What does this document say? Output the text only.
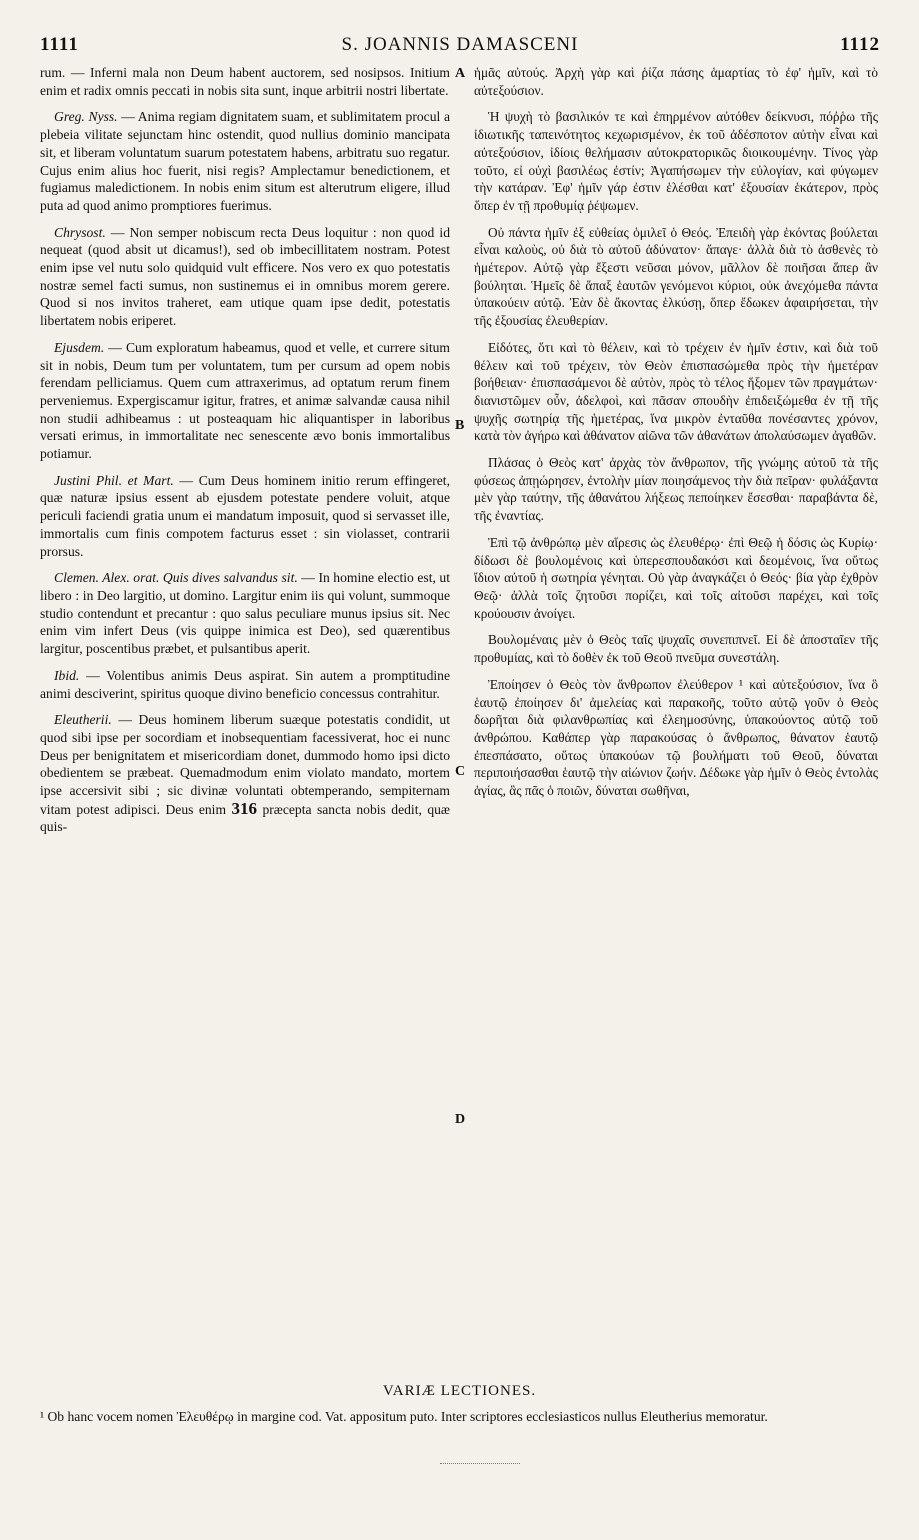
1111	S. JOANNIS DAMASCENI	1112

rum. — Inferni mala non Deum habent auctorem, sed nosipsos. Initium enim et radix omnis peccati in nobis sita sunt, inque arbitrii nostri libertate.

Greg. Nyss. — Anima regiam dignitatem suam, et sublimitatem procul a plebeia vilitate sejunctam hinc ostendit, quod nullius dominio mancipata sit, et liberam voluntatum suarum potestatem habens, arbitratu suo regatur. Cujus enim alius hoc fuerit, nisi regis? Amplectamur benedictionem, et fugiamus maledictionem. In nobis enim situm est alterutrum eligere, illud puta ad quod animo promptiores fuerimus.

Chrysost. — Non semper nobiscum recta Deus loquitur : non quod id nequeat (quod absit ut dicamus!), sed ob imbecillitatem nostram. Potest enim ipse vel nutu solo quidquid vult efficere. Nos vero ex quo potestatis nostræ semel facti sumus, non sustinemus ei in omnibus morem gerere. Quod si nos invitos traheret, eam utique quam ipse dedit, potestatis libertatem nobis eriperet.

Ejusdem. — Cum exploratum habeamus, quod et velle, et currere situm sit in nobis, Deum tum per voluntatem, tum per cursum ad opem nobis ferendam pelliciamus. Quem cum attraxerimus, ad optatum rerum finem perveniemus. Expergiscamur igitur, fratres, et animæ salvandæ causa nihil non studii adhibeamus : ut posteaquam hic aliquantisper in laboribus versati erimus, in immortalitate nec senescente ævo bonis immortalibus potiamur.

Justini Phil. et Mart. — Cum Deus hominem initio rerum effingeret, quæ naturæ ipsius essent ab ejusdem potestate pendere voluit, atque periculi faciendi gratia unum ei mandatum imposuit, quod si servasset ille, immortalis cum finis compotem facturus esset : sin violasset, contrarii prorsus.

Clemen. Alex. orat. Quis dives salvandus sit. — In homine electio est, ut libero : in Deo largitio, ut domino. Largitur enim iis qui volunt, summoque studio contendunt et precantur : quo salus peculiare munus ipsius sit. Nec enim vim infert Deus (vis quippe inimica est Deo), sed quærentibus largitur, poscentibus præbet, et pulsantibus aperit.

Ibid. — Volentibus animis Deus aspirat. Sin autem a promptitudine animi desciverint, spiritus quoque divino beneficio concessus contrahitur.

Eleutherii. — Deus hominem liberum suæque potestatis condidit, ut quod sibi ipse per socordiam et inobsequentiam facessiverat, hoc ei nunc Deus per benignitatem et misericordiam donet, dummodo homo ipsi dicto obedientem se præbeat. Quemadmodum enim violato mandato, mortem ipse accersivit sibi ; sic divinæ voluntati obtemperando, sempiternam vitam potest adipisci. Deus enim 316 præcepta sancta nobis dedit, quæ quis-

A
B
C
D

ἡμᾶς αὐτούς. Ἀρχὴ γὰρ καὶ ῥίζα πάσης ἁμαρτίας τὸ ἐφ' ἡμῖν, καὶ τὸ αὐτεξούσιον.

Ἡ ψυχὴ τὸ βασιλικόν τε καὶ ἐπηρμένον αὐτόθεν δείκνυσι, πόῤῥω τῆς ἰδιωτικῆς ταπεινότητος κεχωρισμένον, ἐκ τοῦ ἀδέσποτον αὐτὴν εἶναι καὶ αὐτεξούσιον, ἰδίοις θελήμασιν αὐτοκρατορικῶς διοικουμένην. Τίνος γὰρ τοῦτο, εἰ οὐχὶ βασιλέως ἐστίν; Ἀγαπήσωμεν τὴν εὐλογίαν, καὶ φύγωμεν τὴν κατάραν. Ἐφ' ἡμῖν γάρ ἐστιν ἑλέσθαι κατ' ἐξουσίαν ἑκάτερον, πρὸς ὅπερ ἐν τῇ προθυμίᾳ ῥέψωμεν.

Οὐ πάντα ἡμῖν ἐξ εὐθείας ὁμιλεῖ ὁ Θεός. Ἐπειδὴ γὰρ ἑκόντας βούλεται εἶναι καλοὺς, οὐ διὰ τὸ αὐτοῦ ἀδύνατον· ἄπαγε· ἀλλὰ διὰ τὸ ἀσθενὲς τὸ ἡμέτερον. Αὐτῷ γὰρ ἔξεστι νεῦσαι μόνον, μᾶλλον δὲ ποιῆσαι ἅπερ ἂν βούληται. Ἡμεῖς δὲ ἅπαξ ἑαυτῶν γενόμενοι κύριοι, οὐκ ἀνεχόμεθα πάντα ὑπακούειν αὐτῷ. Ἐὰν δὲ ἄκοντας ἑλκύσῃ, ὅπερ ἔδωκεν ἀφαιρήσεται, τὴν τῆς ἐξουσίας ἐλευθερίαν.

Εἰδότες, ὅτι καὶ τὸ θέλειν, καὶ τὸ τρέχειν ἐν ἡμῖν ἐστιν, καὶ διὰ τοῦ θέλειν καὶ τοῦ τρέχειν, τὸν Θεὸν ἐπισπασώμεθα πρὸς τὴν ἡμετέραν βοήθειαν· ἐπισπασάμενοι δὲ αὐτὸν, πρὸς τὸ τέλος ἥξομεν τῶν πραγμάτων· διανιστῶμεν οὖν, ἀδελφοὶ, καὶ πᾶσαν σπουδὴν ἐπιδειξώμεθα ἐν τῇ τῆς ψυχῆς σωτηρίᾳ τῆς ἡμετέρας, ἵνα μικρὸν ἐνταῦθα πονέσαντες χρόνον, κατὰ τὸν ἀγήρω καὶ ἀθάνατον αἰῶνα τῶν ἀθανάτων ἀπολαύσωμεν ἀγαθῶν.

Πλάσας ὁ Θεὸς κατ' ἀρχὰς τὸν ἄνθρωπον, τῆς γνώμης αὐτοῦ τὰ τῆς φύσεως ἀπῃώρησεν, ἐντολὴν μίαν ποιησάμενος τὴν διὰ πεῖραν· φυλάξαντα μὲν γὰρ ταύτην, τῆς ἀθανάτου λήξεως πεποίηκεν ἔσεσθαι· παραβάντα δὲ, τῆς ἐναντίας.

Ἐπὶ τῷ ἀνθρώπῳ μὲν αἵρεσις ὡς ἐλευθέρῳ· ἐπὶ Θεῷ ἡ δόσις ὡς Κυρίῳ· δίδωσι δὲ βουλομένοις καὶ ὑπερεσπουδακόσι καὶ δεομένοις, ἵνα οὕτως ἴδιον αὐτοῦ ἡ σωτηρία γένηται. Οὐ γὰρ ἀναγκάζει ὁ Θεός· βία γὰρ ἐχθρὸν Θεῷ· ἀλλὰ τοῖς ζητοῦσι πορίζει, καὶ τοῖς αἰτοῦσι παρέχει, καὶ τοῖς κρούουσιν ἀνοίγει.

Βουλομέναις μὲν ὁ Θεὸς ταῖς ψυχαῖς συνεπιπνεῖ. Εἰ δὲ ἀποσταῖεν τῆς προθυμίας, καὶ τὸ δοθὲν ἐκ τοῦ Θεοῦ πνεῦμα συνεστάλη.

Ἐποίησεν ὁ Θεὸς τὸν ἄνθρωπον ἐλεύθερον ¹ καὶ αὐτεξούσιον, ἵνα ὃ ἑαυτῷ ἐποίησεν δι' ἀμελείας καὶ παρακοῆς, τοῦτο αὐτῷ γοῦν ὁ Θεὸς δωρῆται διὰ φιλανθρωπίας καὶ ἐλεημοσύνης, ὑπακούοντος αὐτῷ τοῦ ἀνθρώπου. Καθάπερ γὰρ παρακούσας ὁ ἄνθρωπος, θάνατον ἑαυτῷ ἐπεσπάσατο, οὕτως ὑπακούων τῷ βουλήματι τοῦ Θεοῦ, δύναται περιποιήσασθαι ἑαυτῷ τὴν αἰώνιον ζωήν. Δέδωκε γὰρ ἡμῖν ὁ Θεὸς ἐντολὰς ἁγίας, ἃς πᾶς ὁ ποιῶν, δύναται σωθῆναι,

VARIÆ LECTIONES.
¹ Ob hanc vocem nomen Ἐλευθέρῳ in margine cod. Vat. appositum puto. Inter scriptores ecclesiasticos nullus Eleutherius memoratur.
